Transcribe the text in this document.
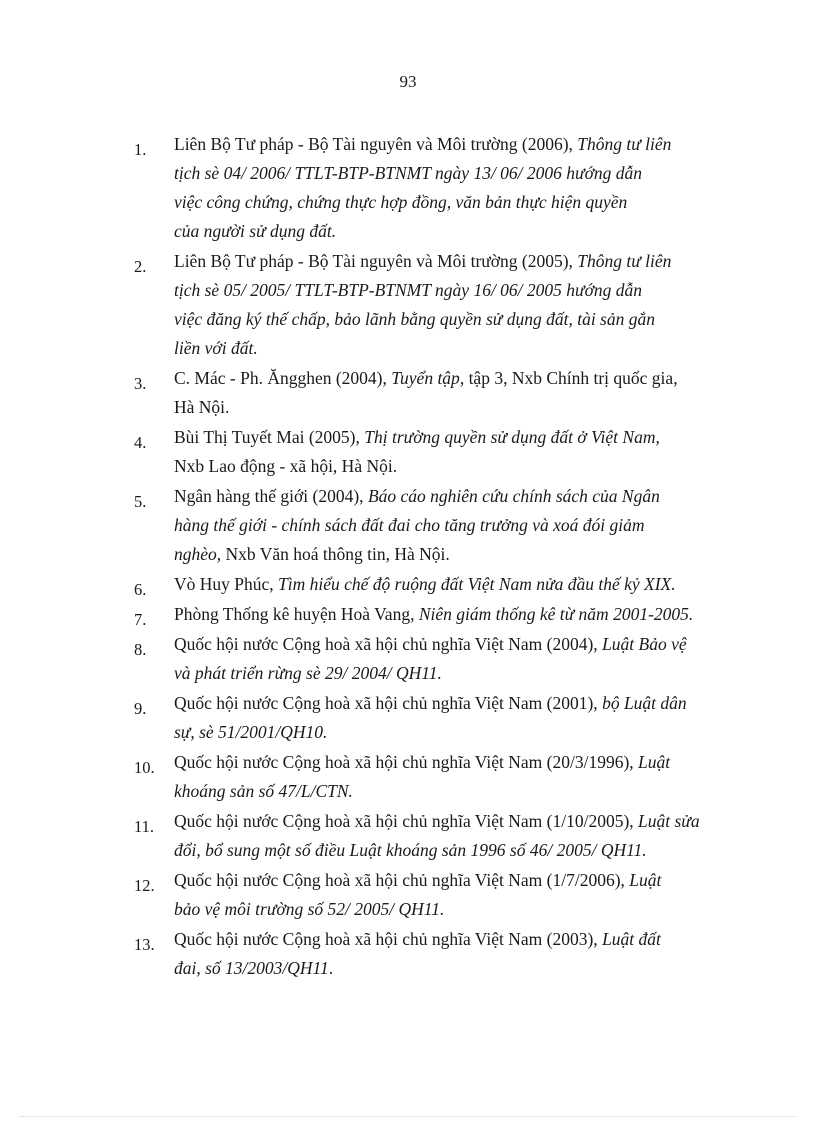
93
1. Liên Bộ Tư pháp - Bộ Tài nguyên và Môi trường (2006), Thông tư liên
tịch sè 04/ 2006/ TTLT-BTP-BTNMT ngày 13/ 06/ 2006 hướng dẫn
việc công chứng, chứng thực hợp đồng, văn bản thực hiện quyền
của người sử dụng đất.
2. Liên Bộ Tư pháp - Bộ Tài nguyên và Môi trường (2005), Thông tư liên
tịch sè 05/ 2005/ TTLT-BTP-BTNMT ngày 16/ 06/ 2005 hướng dẫn
việc đăng ký thế chấp, bảo lãnh bằng quyền sử dụng đất, tài sản gắn
liền với đất.
3. C. Mác - Ph. Ăngghen (2004), Tuyển tập, tập 3, Nxb Chính trị quốc gia,
Hà Nội.
4. Bùi Thị Tuyết Mai (2005), Thị trường quyền sử dụng đất ở Việt Nam,
Nxb Lao động - xã hội, Hà Nội.
5. Ngân hàng thế giới (2004), Báo cáo nghiên cứu chính sách của Ngân
hàng thế giới - chính sách đất đai cho tăng trưởng và xoá đói giảm
nghèo, Nxb Văn hoá thông tin, Hà Nội.
6. Vò Huy Phúc, Tìm hiểu chế độ ruộng đất Việt Nam nửa đầu thế kỷ XIX.
7. Phòng Thống kê huyện Hoà Vang, Niên giám thống kê từ năm 2001-2005.
8. Quốc hội nước Cộng hoà xã hội chủ nghĩa Việt Nam (2004), Luật Bảo vệ
và phát triển rừng sè 29/ 2004/ QH11.
9. Quốc hội nước Cộng hoà xã hội chủ nghĩa Việt Nam (2001), bộ Luật dân
sự, sè 51/2001/QH10.
10. Quốc hội nước Cộng hoà xã hội chủ nghĩa Việt Nam (20/3/1996), Luật
khoáng sản số 47/L/CTN.
11. Quốc hội nước Cộng hoà xã hội chủ nghĩa Việt Nam (1/10/2005), Luật sửa
đổi, bổ sung một số điều Luật khoáng sản 1996 số 46/ 2005/ QH11.
12. Quốc hội nước Cộng hoà xã hội chủ nghĩa Việt Nam (1/7/2006), Luật
bảo vệ môi trường số 52/ 2005/ QH11.
13. Quốc hội nước Cộng hoà xã hội chủ nghĩa Việt Nam (2003), Luật đất
đai, số 13/2003/QH11.
